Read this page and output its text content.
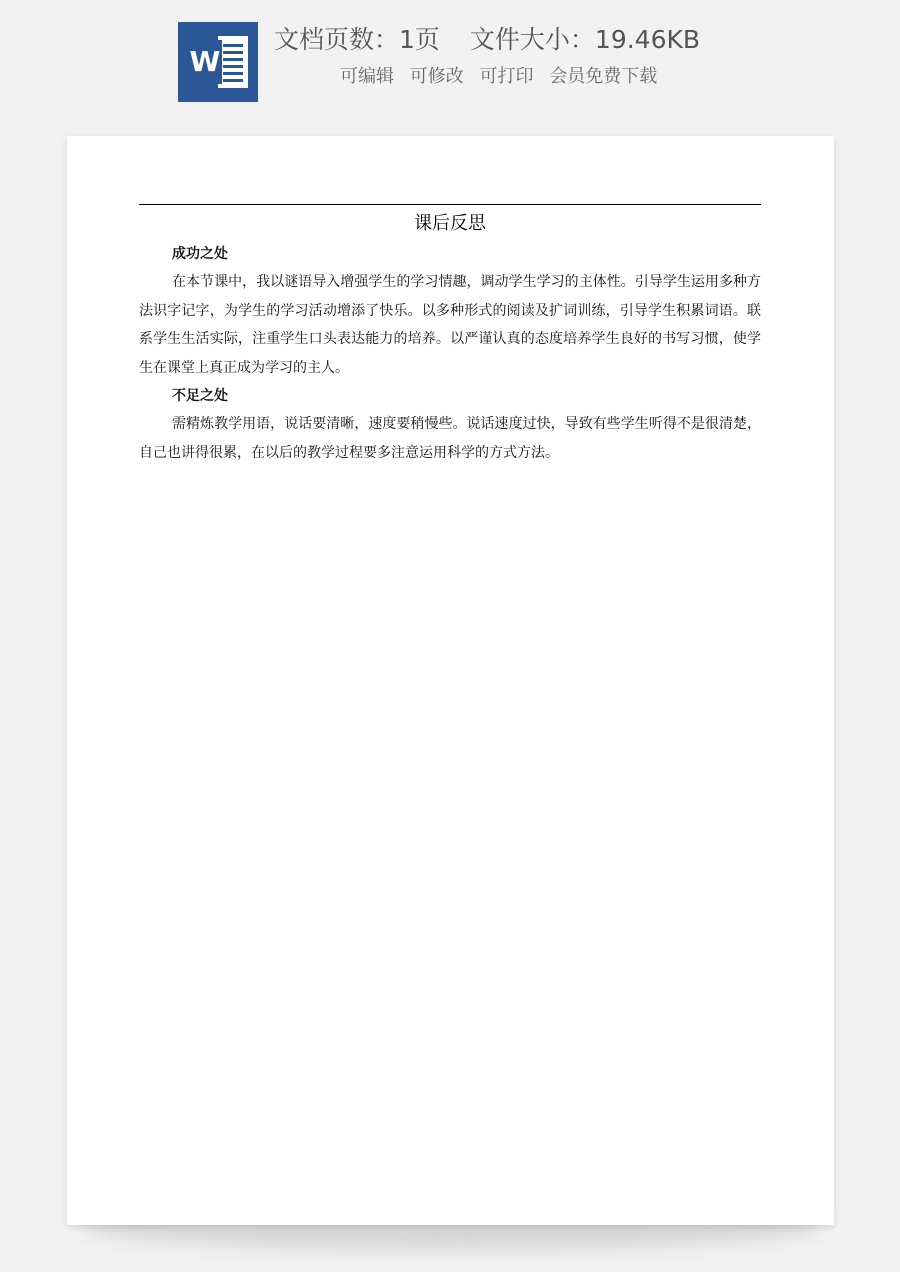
W
文档页数：1页 文件大小：19.46KB
可编辑 可修改 可打印 会员免费下载
课后反思
成功之处

在本节课中，我以谜语导入增强学生的学习情趣，调动学生学习的主体性。引导学生运用多种方法识字记字，为学生的学习活动增添了快乐。以多种形式的阅读及扩词训练，引导学生积累词语。联系学生生活实际，注重学生口头表达能力的培养。以严谨认真的态度培养学生良好的书写习惯，使学生在课堂上真正成为学习的主人。

不足之处

需精炼教学用语，说话要清晰，速度要稍慢些。说话速度过快，导致有些学生听得不是很清楚，自己也讲得很累，在以后的教学过程要多注意运用科学的方式方法。
